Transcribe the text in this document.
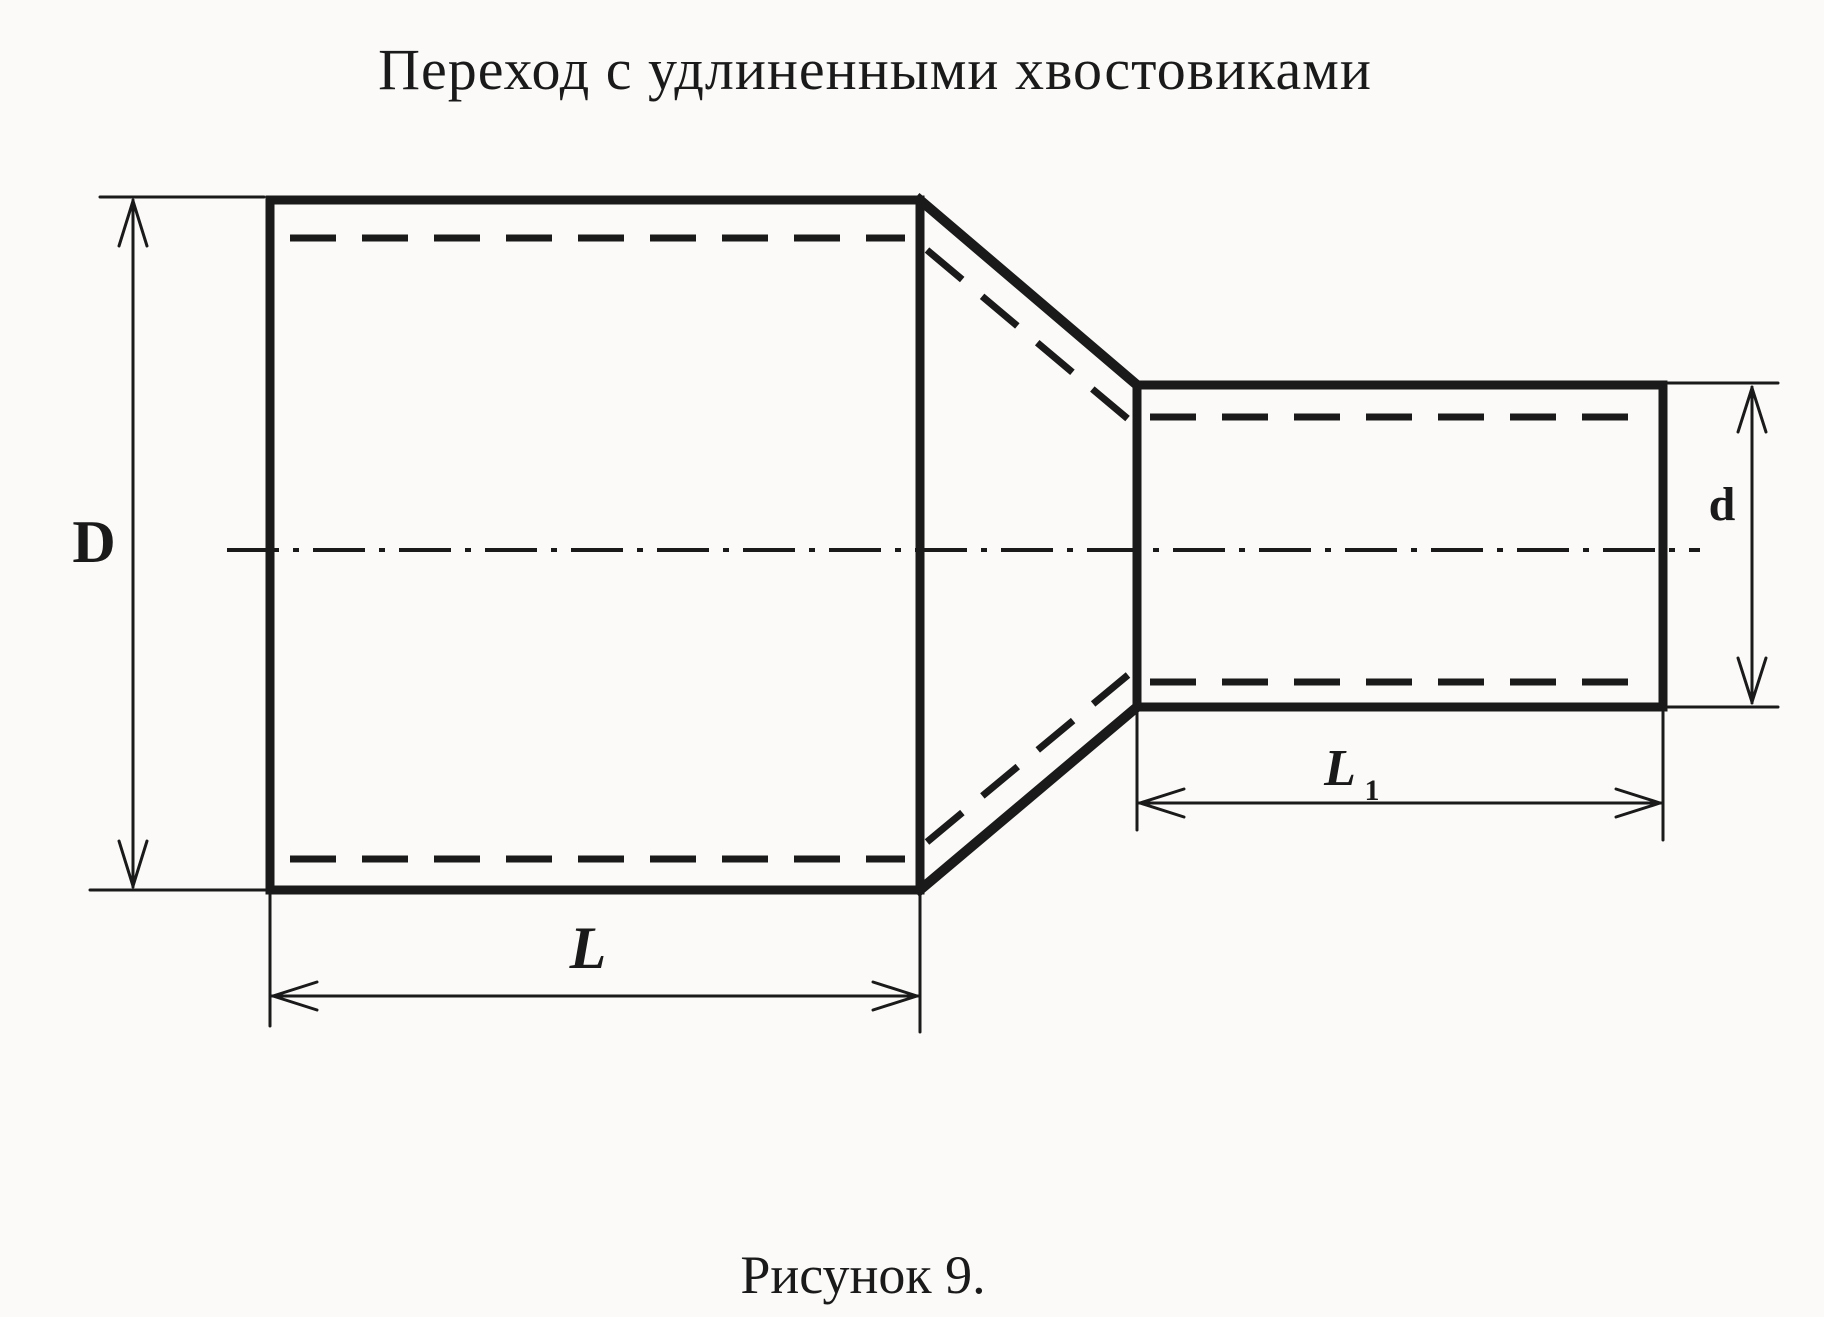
Переход с удлиненными хвостовиками
D
d
L
L 1
Рисунок 9.
